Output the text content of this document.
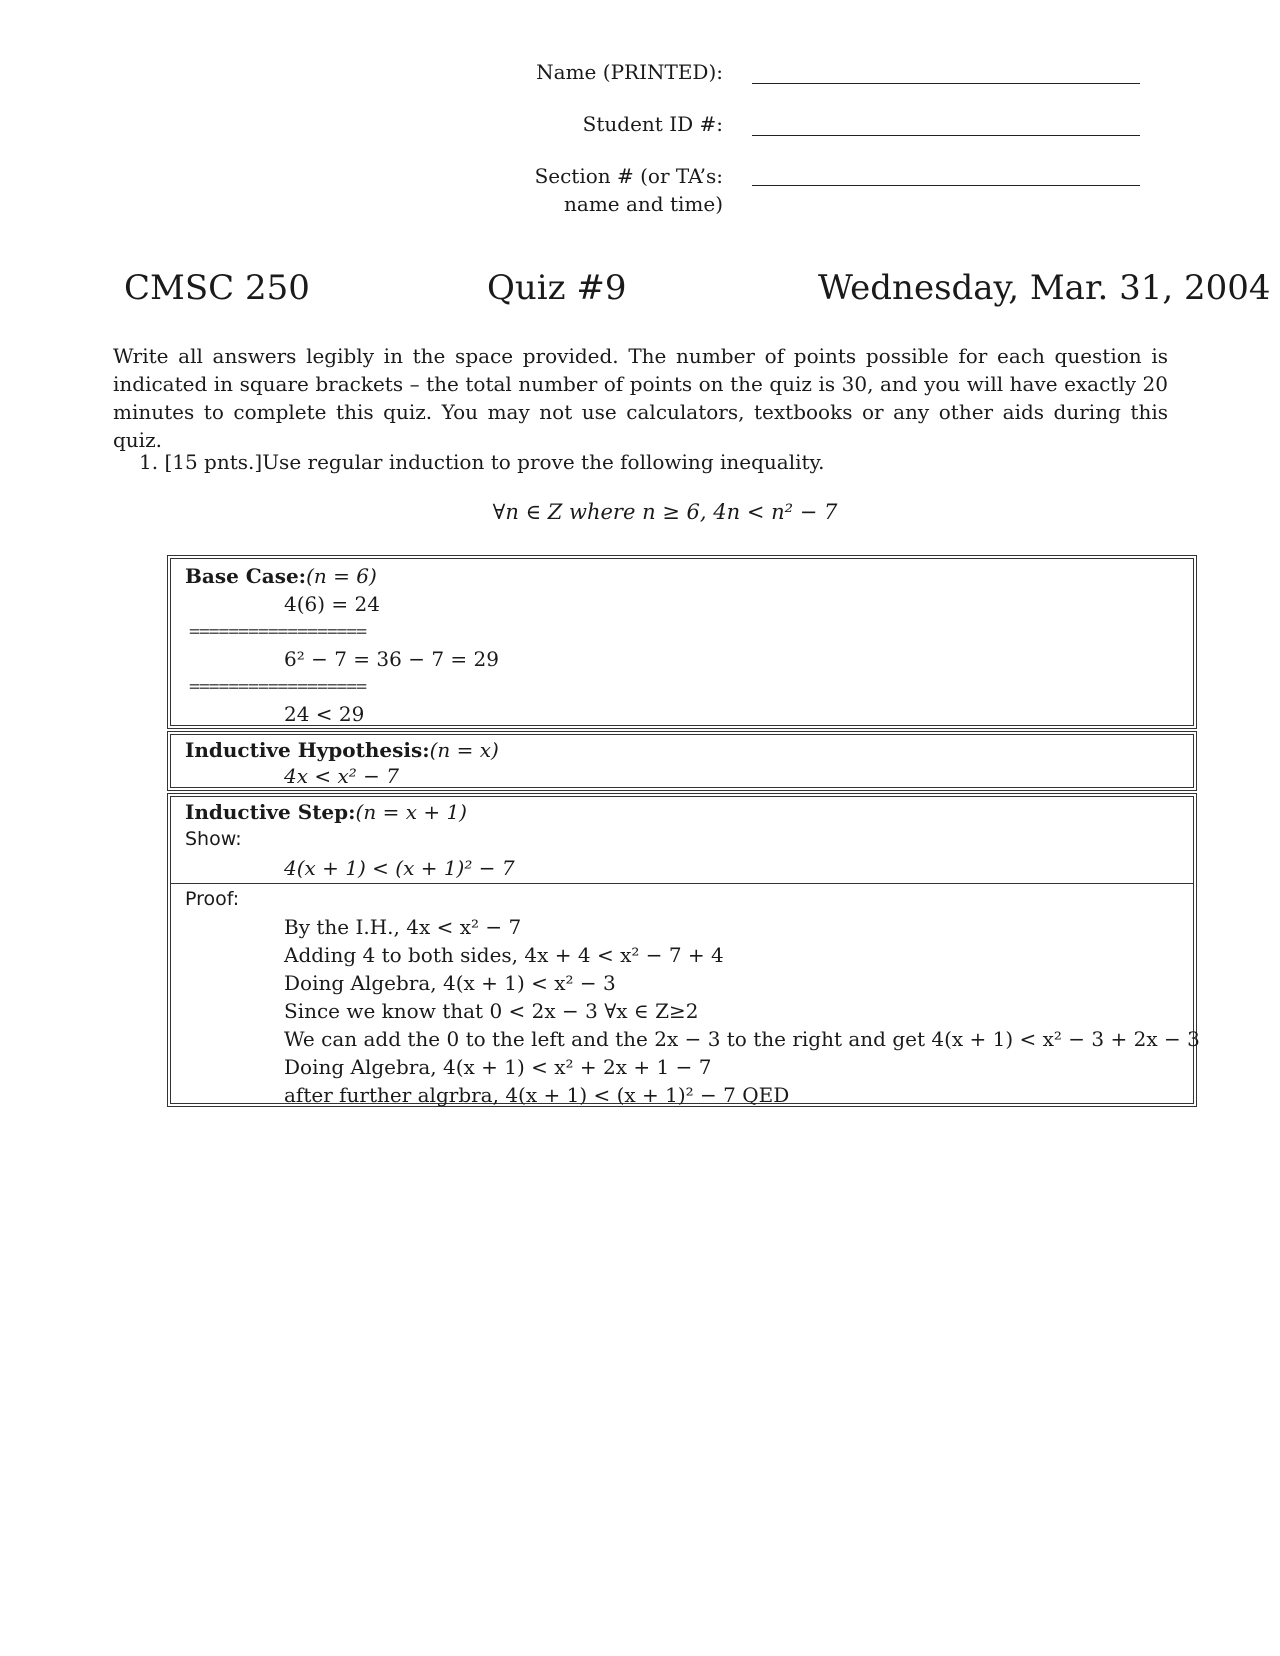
Name (PRINTED):
Student ID #:
Section # (or TA’s:
name and time)
CMSC 250	Quiz #9	Wednesday, Mar. 31, 2004
Write all answers legibly in the space provided. The number of points possible for each question is indicated in square brackets – the total number of points on the quiz is 30, and you will have exactly 20 minutes to complete this quiz. You may not use calculators, textbooks or any other aids during this quiz.
1. [15 pnts.]Use regular induction to prove the following inequality.
∀n ∈ Z where n ≥ 6, 4n < n² − 7
Base Case:(n = 6)
4(6) = 24
==================
6² − 7 = 36 − 7 = 29
==================
24 < 29
Inductive Hypothesis:(n = x)
4x < x² − 7
Inductive Step:(n = x + 1)
Show:
4(x + 1) < (x + 1)² − 7
Proof:
By the I.H., 4x < x² − 7
Adding 4 to both sides, 4x + 4 < x² − 7 + 4
Doing Algebra, 4(x + 1) < x² − 3
Since we know that 0 < 2x − 3 ∀x ∈ Z≥2
We can add the 0 to the left and the 2x − 3 to the right and get 4(x + 1) < x² − 3 + 2x − 3
Doing Algebra, 4(x + 1) < x² + 2x + 1 − 7
after further algrbra, 4(x + 1) < (x + 1)² − 7 QED
